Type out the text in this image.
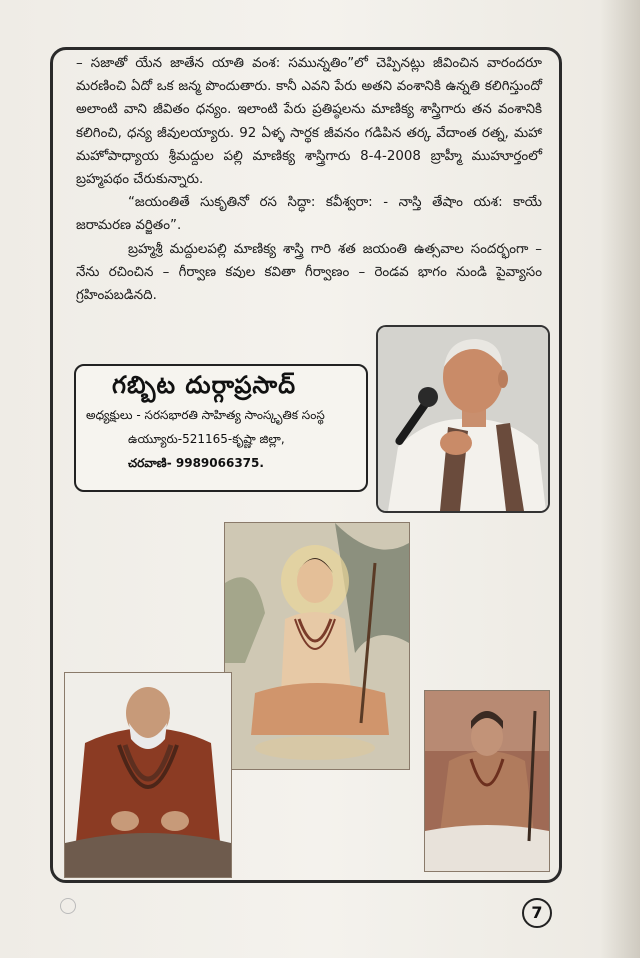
– సజాతో యేన జాతేన యాతి వంశ: సమున్నతిం”లో చెప్పినట్లు జీవించిన వారందరూ మరణించి ఏదో ఒక జన్మ పొందుతారు. కానీ ఎవని పేరు అతని వంశానికి ఉన్నతి కలిగిస్తుందో అలాంటి వాని జీవితం ధన్యం. ఇలాంటి పేరు ప్రతిష్ఠలను మాణిక్య శాస్త్రిగారు తన వంశానికి కలిగించి, ధన్య జీవులయ్యారు. 92 ఏళ్ళ సార్థక జీవనం గడిపిన తర్క వేదాంత రత్న, మహా మహోపాధ్యాయ శ్రీమద్దుల పల్లి మాణిక్య శాస్త్రిగారు 8-4-2008 బ్రాహ్మీ ముహూర్తంలో బ్రహ్మపథం చేరుకున్నారు.

“జయంతితే సుకృతినో రస సిద్ధా: కవీశ్వరా: - నాస్తి తేషాం యశ: కాయే జరామరణ వర్జితం”.

బ్రహ్మశ్రీ మద్దులపల్లి మాణిక్య శాస్త్రి గారి శత జయంతి ఉత్సవాల సందర్భంగా – నేను రచించిన – గీర్వాణ కవుల కవితా గీర్వాణం – రెండవ భాగం నుండి పైవ్యాసం గ్రహింపబడినది.

గబ్బిట దుర్గాప్రసాద్
అధ్యక్షులు - సరసభారతి సాహిత్య సాంస్కృతిక సంస్థ
ఉయ్యూరు-521165-కృష్ణా జిల్లా,
చరవాణి- 9989066375.
7
